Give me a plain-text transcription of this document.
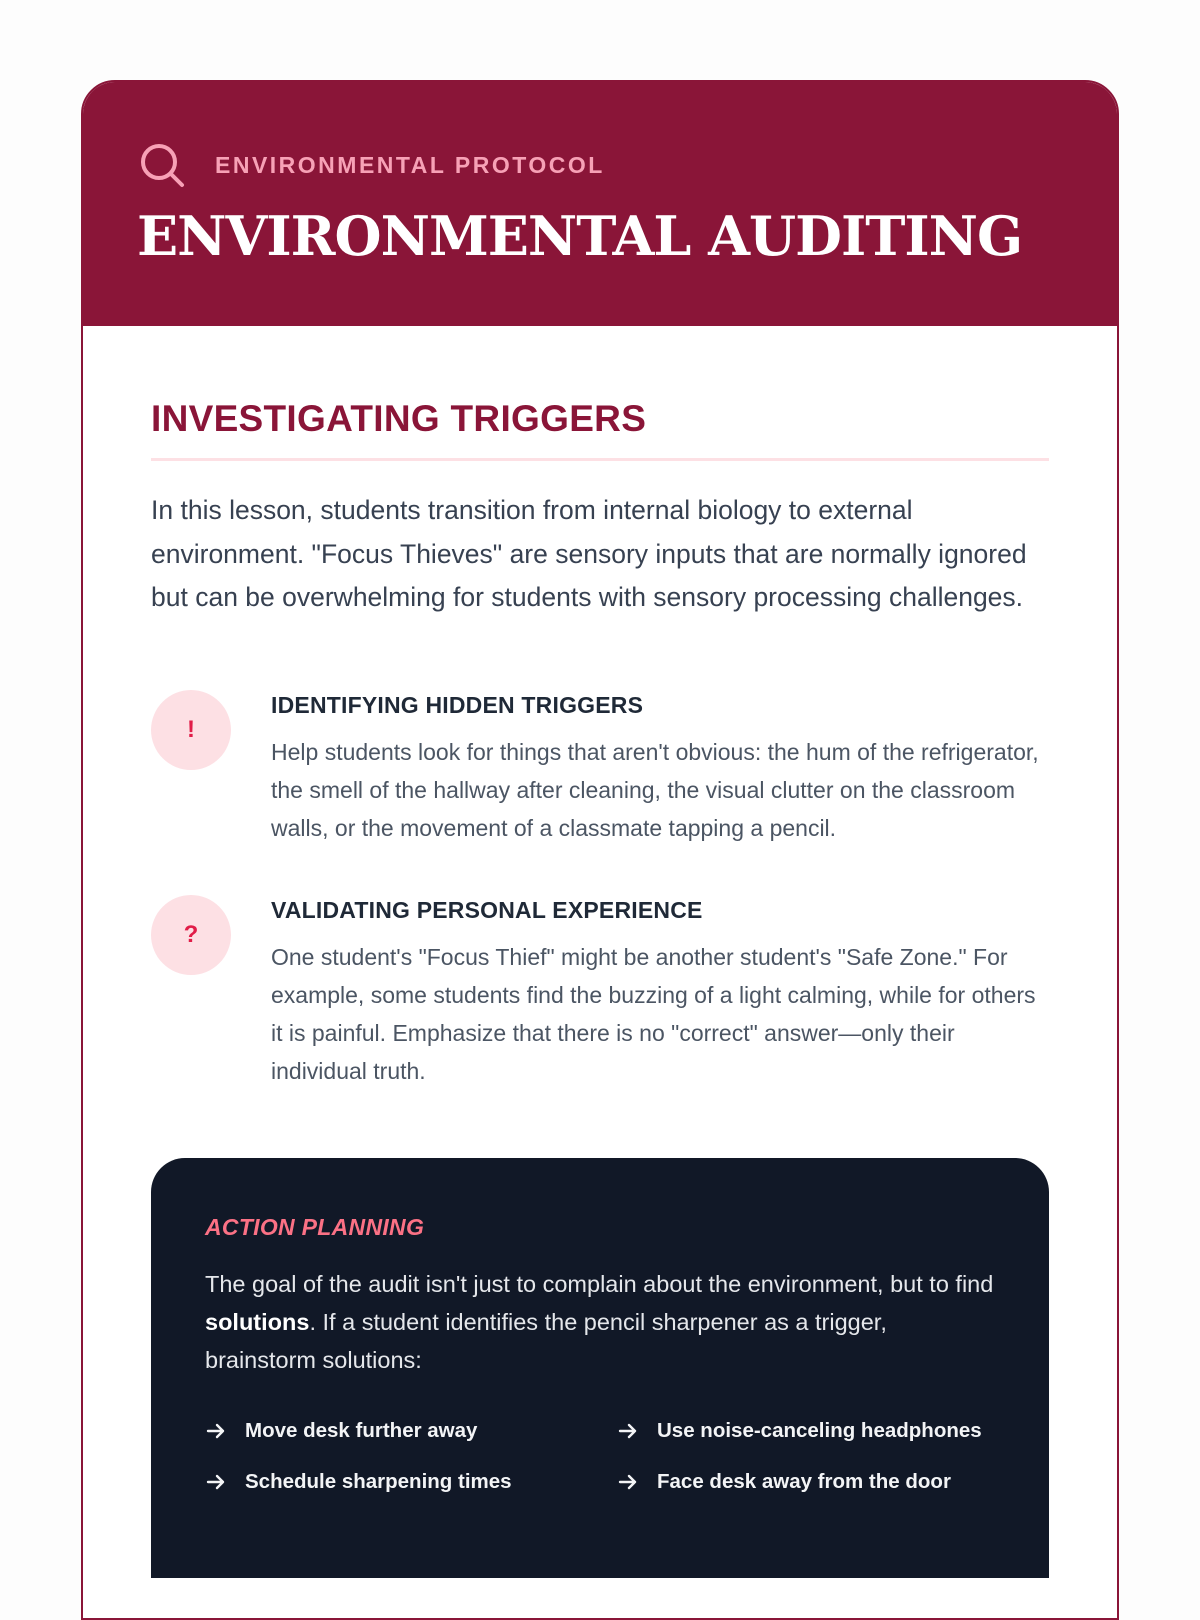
ENVIRONMENTAL PROTOCOL
ENVIRONMENTAL AUDITING
INVESTIGATING TRIGGERS

In this lesson, students transition from internal biology to external environment. "Focus Thieves" are sensory inputs that are normally ignored but can be overwhelming for students with sensory processing challenges.

!
IDENTIFYING HIDDEN TRIGGERS

Help students look for things that aren't obvious: the hum of the refrigerator, the smell of the hallway after cleaning, the visual clutter on the classroom walls, or the movement of a classmate tapping a pencil.

?
VALIDATING PERSONAL EXPERIENCE

One student's "Focus Thief" might be another student's "Safe Zone." For example, some students find the buzzing of a light calming, while for others it is painful. Emphasize that there is no "correct" answer—only their individual truth.

ACTION PLANNING

The goal of the audit isn't just to complain about the environment, but to find solutions. If a student identifies the pencil sharpener as a trigger, brainstorm solutions:

Move desk further away	Use noise-canceling headphones
Schedule sharpening times	Face desk away from the door
